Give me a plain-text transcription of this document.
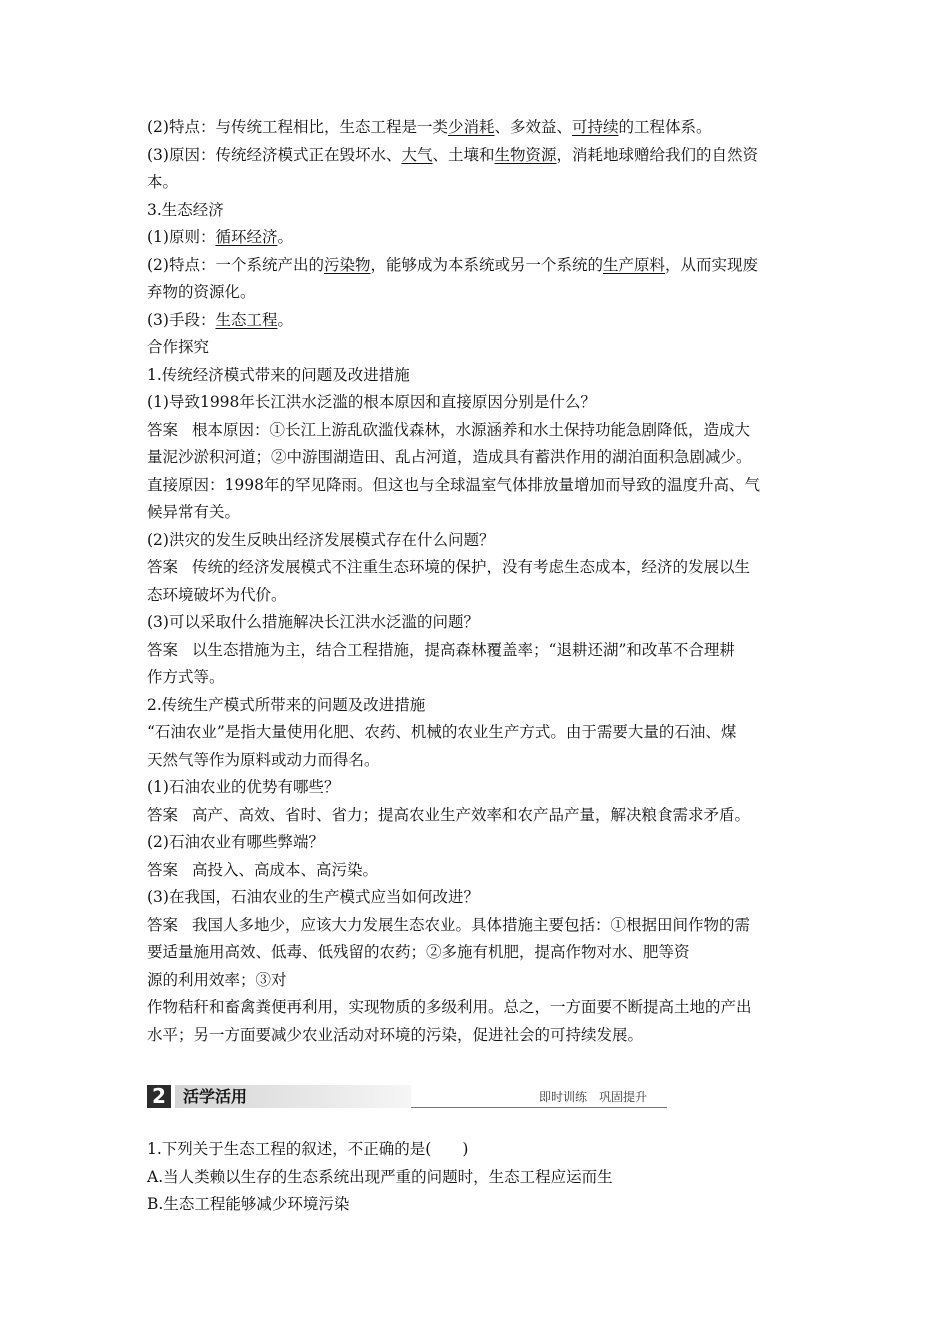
(2)特点：与传统工程相比，生态工程是一类少消耗、多效益、可持续的工程体系。

(3)原因：传统经济模式正在毁坏水、大气、土壤和生物资源，消耗地球赠给我们的自然资

本。

3.生态经济

(1)原则：循环经济。

(2)特点：一个系统产出的污染物，能够成为本系统或另一个系统的生产原料，从而实现废

弃物的资源化。

(3)手段：生态工程。

合作探究

1.传统经济模式带来的问题及改进措施

(1)导致1998年长江洪水泛滥的根本原因和直接原因分别是什么？

答案 根本原因：①长江上游乱砍滥伐森林，水源涵养和水土保持功能急剧降低，造成大

量泥沙淤积河道；②中游围湖造田、乱占河道，造成具有蓄洪作用的湖泊面积急剧减少。

直接原因：1998年的罕见降雨。但这也与全球温室气体排放量增加而导致的温度升高、气

候异常有关。

(2)洪灾的发生反映出经济发展模式存在什么问题？

答案 传统的经济发展模式不注重生态环境的保护，没有考虑生态成本，经济的发展以生

态环境破坏为代价。

(3)可以采取什么措施解决长江洪水泛滥的问题？

答案 以生态措施为主，结合工程措施，提高森林覆盖率；“退耕还湖”和改革不合理耕

作方式等。

2.传统生产模式所带来的问题及改进措施

“石油农业”是指大量使用化肥、农药、机械的农业生产方式。由于需要大量的石油、煤

天然气等作为原料或动力而得名。

(1)石油农业的优势有哪些？

答案 高产、高效、省时、省力；提高农业生产效率和农产品产量，解决粮食需求矛盾。

(2)石油农业有哪些弊端？

答案 高投入、高成本、高污染。

(3)在我国，石油农业的生产模式应当如何改进？

答案 我国人多地少，应该大力发展生态农业。具体措施主要包括：①根据田间作物的需

要适量施用高效、低毒、低残留的农药；②多施有机肥，提高作物对水、肥等资

源的利用效率；③对

作物秸秆和畜禽粪便再利用，实现物质的多级利用。总之，一方面要不断提高土地的产出

水平；另一方面要减少农业活动对环境的污染，促进社会的可持续发展。

2	活学活用	即时训练　巩固提升

1.下列关于生态工程的叙述，不正确的是(　　)

A.当人类赖以生存的生态系统出现严重的问题时，生态工程应运而生

B.生态工程能够减少环境污染
